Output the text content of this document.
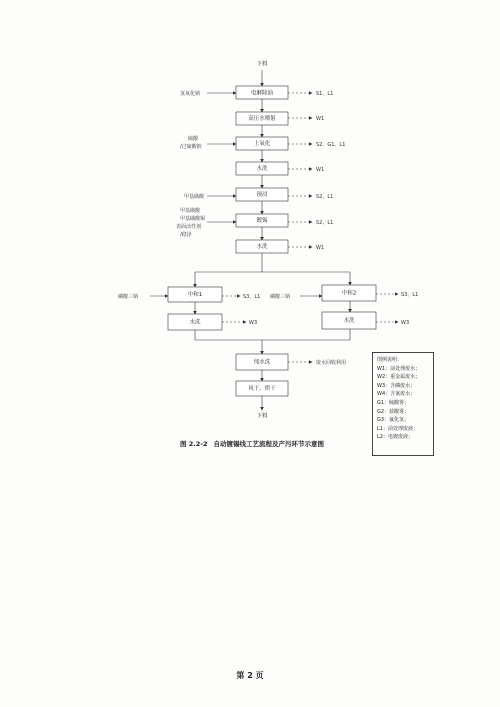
下料
下料
电解除油
高压水喷射
上氧化
水洗
预浸
镀锡
水洗
中和1	中和2
水洗	水洗
纯水洗
风干、烘干
S1、L1
W1
S2、G1、L1
W1
S2、L1
S2、L1
W1
S3、L1	S3、L1
W3	W3
废水回收利用
氢氧化钠
硫酸
/过硫酸钠
甲基磺酸
甲基磺酸
甲基磺酸锡
表面活性剂
/稳泽
磷酸三钠	磷酸三钠
图例说明：
W1：前处理废水；
W2：重金属废水；
W3：含磷废水；
W4：含氰废水；
G1：硫酸雾；
G2：盐酸雾；
G3：氟化氢；
L1：前处理废液；
L2：电镀废液；
图 2.2-2 自动镀锡线工艺流程及产污环节示意图
第 2 页
